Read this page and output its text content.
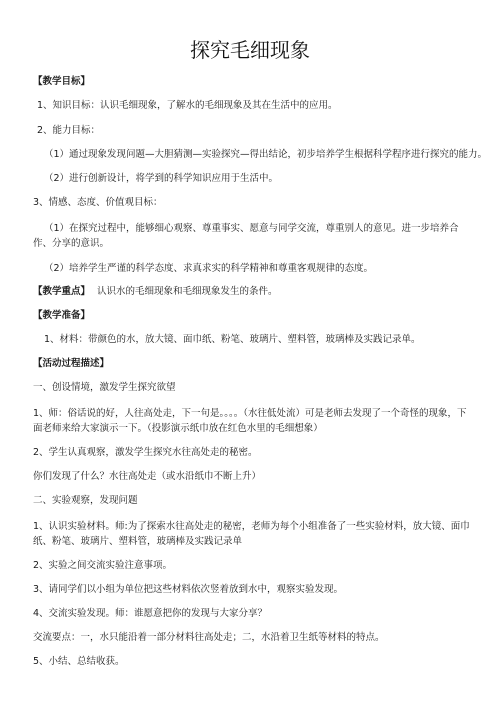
探究毛细现象
【教学目标】
1、知识目标：认识毛细现象，了解水的毛细现象及其在生活中的应用。
2、能力目标：
（1）通过现象发现问题—大胆猜测—实验探究—得出结论，初步培养学生根据科学程序进行探究的能力。
（2）进行创新设计，将学到的科学知识应用于生活中。
3、情感、态度、价值观目标：
（1）在探究过程中，能够细心观察、尊重事实、愿意与同学交流，尊重别人的意见。进一步培养合作、分享的意识。
（2）培养学生严谨的科学态度、求真求实的科学精神和尊重客观规律的态度。
【教学重点】 认识水的毛细现象和毛细现象发生的条件。
【教学准备】
1、材料：带颜色的水，放大镜、面巾纸、粉笔、玻璃片、塑料管，玻璃棒及实践记录单。
【活动过程描述】
一、创设情境，激发学生探究欲望
1、师：俗话说的好，人往高处走，下一句是。。。。（水往低处流）可是老师去发现了一个奇怪的现象，下面老师来给大家演示一下。（投影演示纸巾放在红色水里的毛细想象）
2、学生认真观察，激发学生探究水往高处走的秘密。
你们发现了什么？水往高处走（或水沿纸巾不断上升）
二、实验观察，发现问题
1、认识实验材料。师:为了探索水往高处走的秘密，老师为每个小组准备了一些实验材料，放大镜、面巾纸、粉笔、玻璃片、塑料管，玻璃棒及实践记录单
2、实验之间交流实验注意事项。
3、请同学们以小组为单位把这些材料依次竖着放到水中，观察实验发现。
4、交流实验发现。师：谁愿意把你的发现与大家分享？
交流要点：一，水只能沿着一部分材料往高处走；二，水沿着卫生纸等材料的特点。
5、小结、总结收获。
